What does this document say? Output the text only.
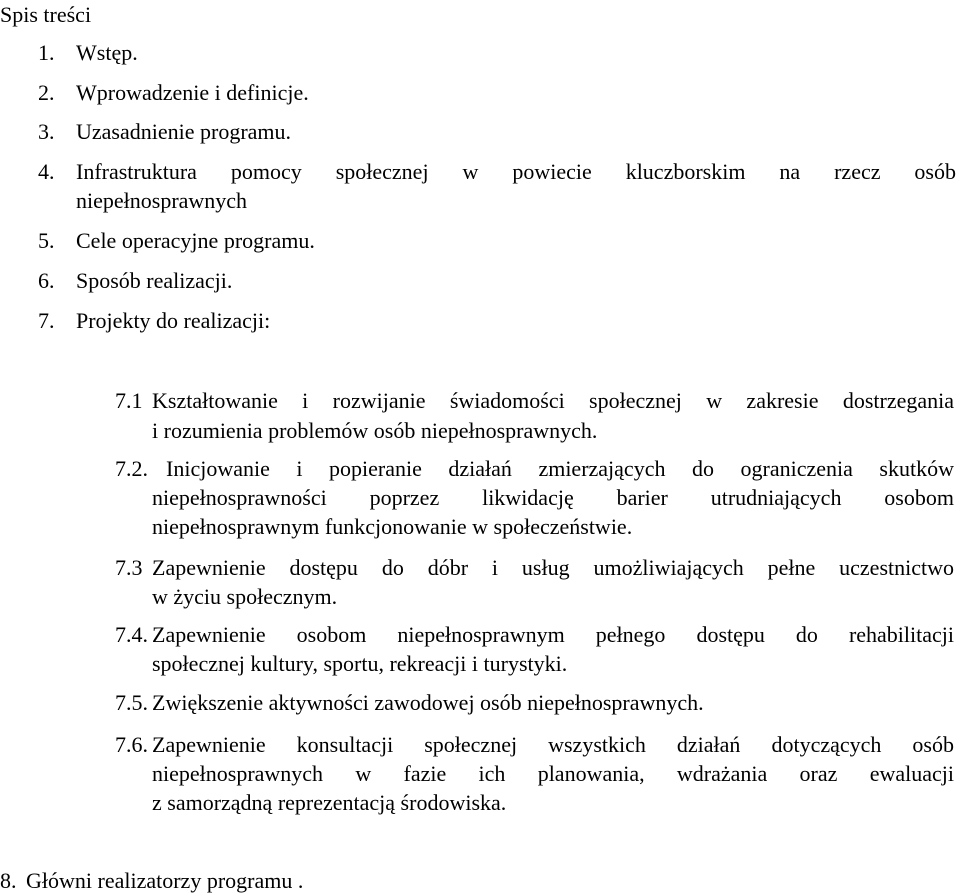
Spis treści
1. Wstęp.
2. Wprowadzenie i definicje.
3. Uzasadnienie programu.
4. Infrastruktura pomocy społecznej w powiecie kluczborskim na rzecz osób
niepełnosprawnych
5. Cele operacyjne programu.
6. Sposób realizacji.
7. Projekty do realizacji:
7.1 Kształtowanie i rozwijanie świadomości społecznej w zakresie dostrzegania
i rozumienia problemów osób niepełnosprawnych.
7.2. Inicjowanie i popieranie działań zmierzających do ograniczenia skutków
niepełnosprawności poprzez likwidację barier utrudniających osobom
niepełnosprawnym funkcjonowanie w społeczeństwie.
7.3 Zapewnienie dostępu do dóbr i usług umożliwiających pełne uczestnictwo
w życiu społecznym.
7.4. Zapewnienie osobom niepełnosprawnym pełnego dostępu do rehabilitacji
społecznej kultury, sportu, rekreacji i turystyki.
7.5. Zwiększenie aktywności zawodowej osób niepełnosprawnych.
7.6. Zapewnienie konsultacji społecznej wszystkich działań dotyczących osób
niepełnosprawnych w fazie ich planowania, wdrażania oraz ewaluacji
z samorządną reprezentacją środowiska.
8. Główni realizatorzy programu .
